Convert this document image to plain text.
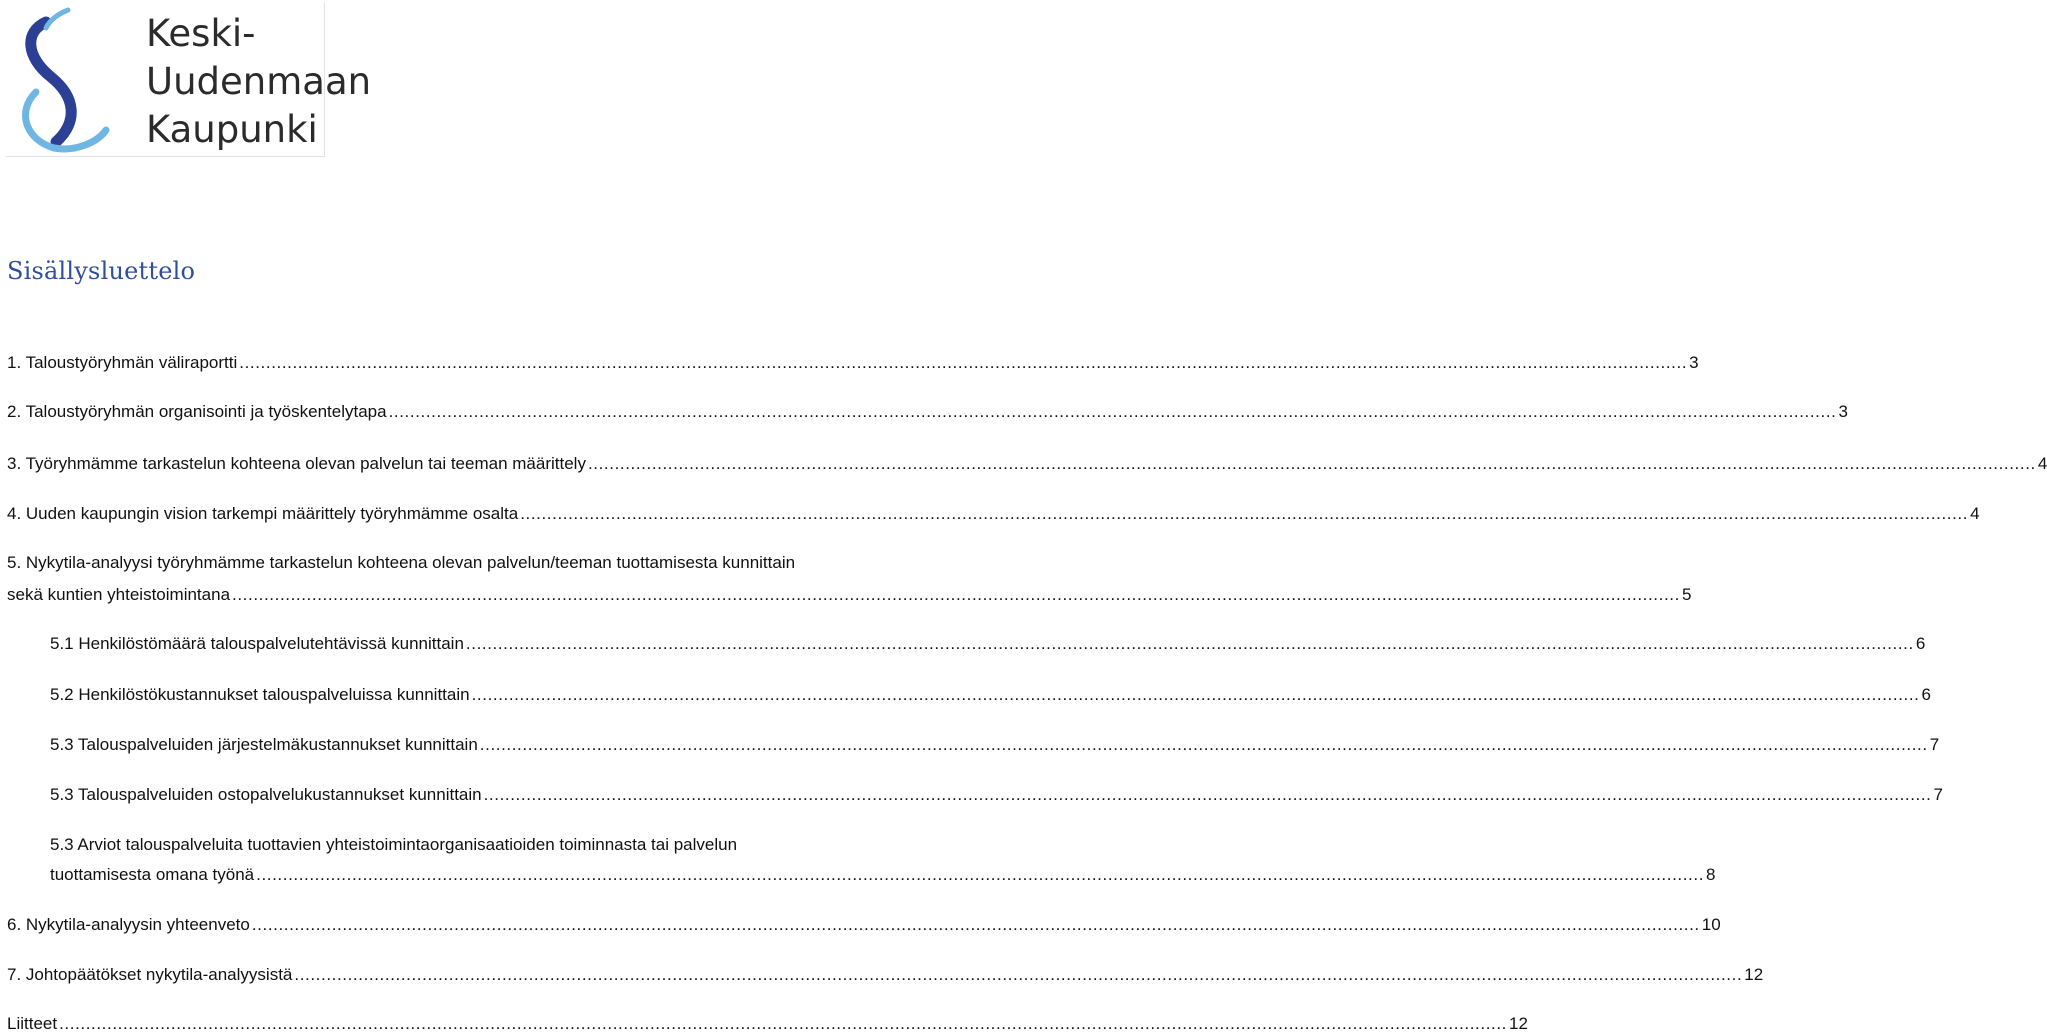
Keski-
Uudenmaan
Kaupunki
Sisällysluettelo
1. Taloustyöryhmän väliraportti .....	3
2. Taloustyöryhmän organisointi ja työskentelytapa .....	3
3. Työryhmämme tarkastelun kohteena olevan palvelun tai teeman määrittely .....	4
4. Uuden kaupungin vision tarkempi määrittely työryhmämme osalta .....	4
5. Nykytila-analyysi työryhmämme tarkastelun kohteena olevan palvelun/teeman tuottamisesta kunnittain
sekä kuntien yhteistoimintana .....	5
5.1 Henkilöstömäärä talouspalvelutehtävissä kunnittain .....	6
5.2 Henkilöstökustannukset talouspalveluissa kunnittain .....	6
5.3 Talouspalveluiden järjestelmäkustannukset kunnittain .....	7
5.3 Talouspalveluiden ostopalvelukustannukset kunnittain .....	7
5.3 Arviot talouspalveluita tuottavien yhteistoimintaorganisaatioiden toiminnasta tai palvelun
tuottamisesta omana työnä .....	8
6. Nykytila-analyysin yhteenveto .....	10
7. Johtopäätökset nykytila-analyysistä .....	12
Liitteet .....	12
